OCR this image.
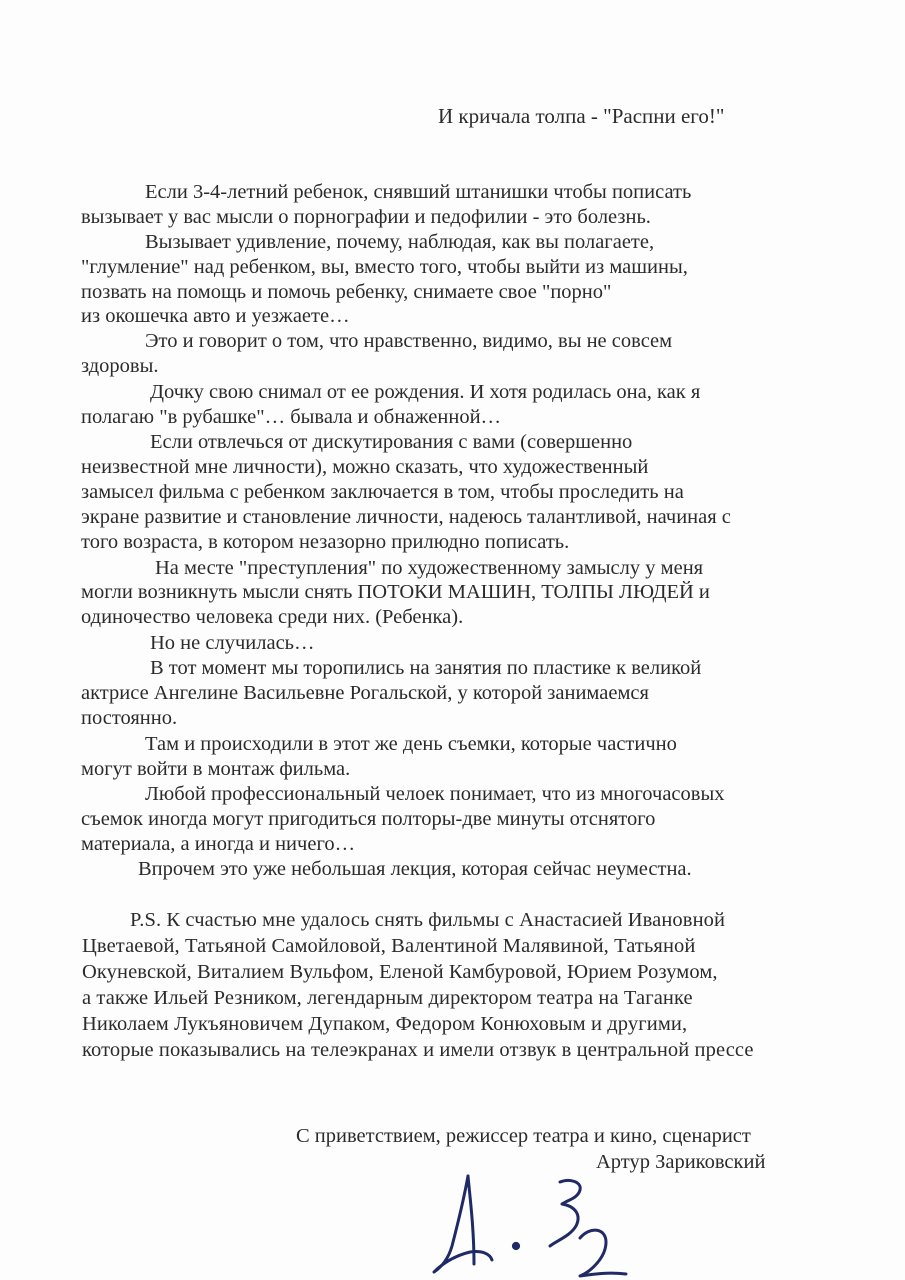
И кричала толпа - "Распни его!"
Если 3-4-летний ребенок, снявший штанишки чтобы пописать
вызывает у вас мысли о порнографии и педофилии - это болезнь.
Вызывает удивление, почему, наблюдая, как вы полагаете,
"глумление" над ребенком, вы, вместо того, чтобы выйти из машины,
позвать на помощь и помочь ребенку, снимаете свое "порно"
из окошечка авто и уезжаете…
Это и говорит о том, что нравственно, видимо, вы не совсем
здоровы.
Дочку свою снимал от ее рождения. И хотя родилась она, как я
полагаю "в рубашке"… бывала и обнаженной…
Если отвлечься от дискутирования с вами (совершенно
неизвестной мне личности), можно сказать, что художественный
замысел фильма с ребенком заключается в том, чтобы проследить на
экране развитие и становление личности, надеюсь талантливой, начиная с
того возраста, в котором незазорно прилюдно пописать.
На месте "преступления" по художественному замыслу у меня
могли возникнуть мысли снять ПОТОКИ МАШИН, ТОЛПЫ ЛЮДЕЙ и
одиночество человека среди них. (Ребенка).
Но не случилась…
В тот момент мы торопились на занятия по пластике к великой
актрисе Ангелине Васильевне Рогальской, у которой занимаемся
постоянно.
Там и происходили в этот же день съемки, которые частично
могут войти в монтаж фильма.
Любой профессиональный челоек понимает, что из многочасовых
съемок иногда могут пригодиться полторы-две минуты отснятого
материала, а иногда и ничего…
Впрочем это уже небольшая лекция, которая сейчас неуместна.
P.S. К счастью мне удалось снять фильмы с Анастасией Ивановной
Цветаевой, Татьяной Самойловой, Валентиной Малявиной, Татьяной
Окуневской, Виталием Вульфом, Еленой Камбуровой, Юрием Розумом,
а также Ильей Резником, легендарным директором театра на Таганке
Николаем Лукъяновичем Дупаком, Федором Конюховым и другими,
которые показывались на телеэкранах и имели отзвук в центральной прессе
С приветствием, режиссер театра и кино, сценарист
Артур Зариковский
